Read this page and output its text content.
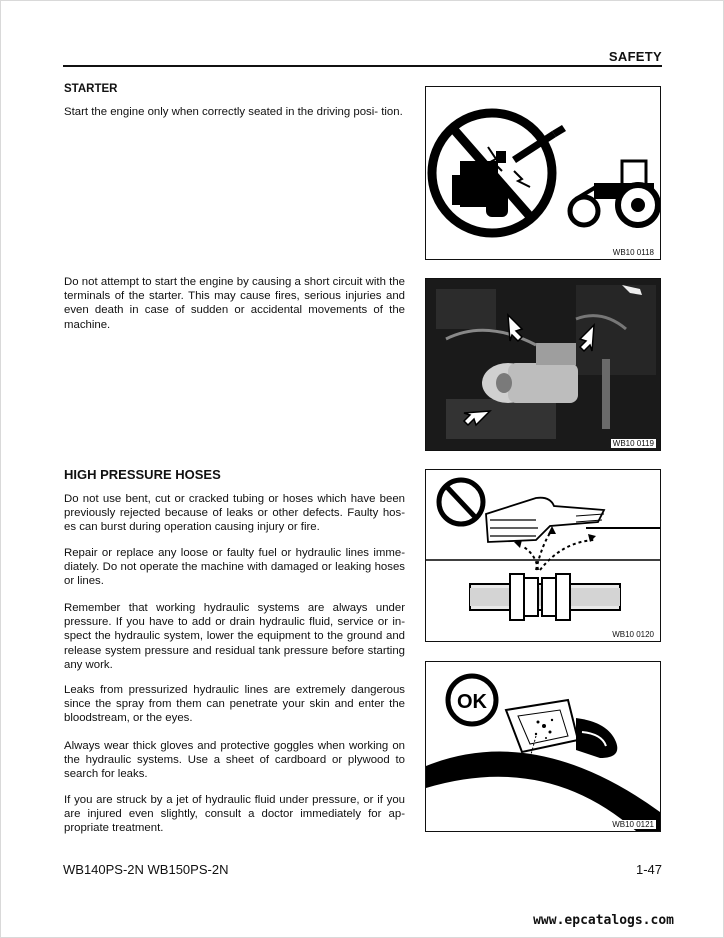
SAFETY
STARTER

Start the engine only when correctly seated in the driving posi- tion.

Do not attempt to start the engine by causing a short circuit with the terminals of the starter. This may cause fires, serious injuries and even death in case of sudden or accidental movements of the machine.

HIGH PRESSURE HOSES

Do not use bent, cut or cracked tubing or hoses which have been previously rejected because of leaks or other defects. Faulty hos- es can burst during operation causing injury or fire.

Repair or replace any loose or faulty fuel or hydraulic lines imme- diately. Do not operate the machine with damaged or leaking hoses or lines.

Remember that working hydraulic systems are always under pressure. If you have to add or drain hydraulic fluid, service or in- spect the hydraulic system, lower the equipment to the ground and release system pressure and residual tank pressure before starting any work.

Leaks from pressurized hydraulic lines are extremely dangerous since the spray from them can penetrate your skin and enter the bloodstream, or the eyes.

Always wear thick gloves and protective goggles when working on the hydraulic systems. Use a sheet of cardboard or plywood to search for leaks.

If you are struck by a jet of hydraulic fluid under pressure, or if you are injured even slightly, consult a doctor immediately for ap- propriate treatment.

WB10 0118
WB10 0119
WB10 0120
OK
WB10 0121
WB140PS-2N WB150PS-2N	1-47
www.epcatalogs.com
